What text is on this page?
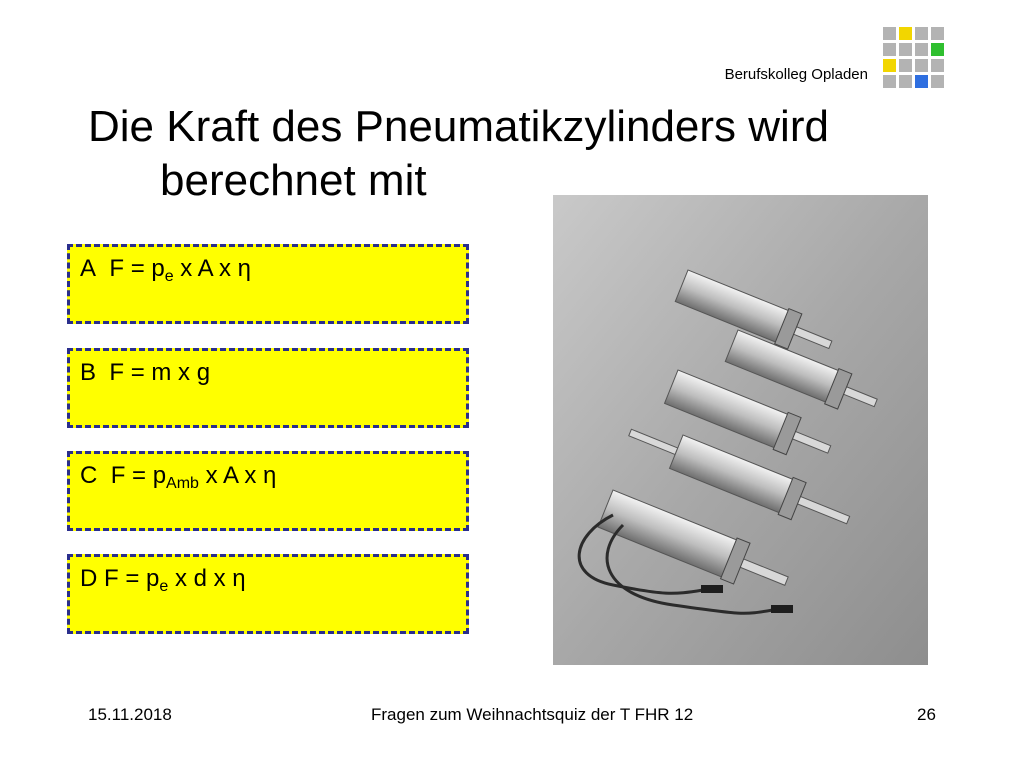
Berufskolleg Opladen
Die Kraft des Pneumatikzylinders wird
berechnet mit
A $F = p_e$ x A x η
B F = m x g
C $F = p_{Amb}$ x A x η
D $F = p_e$ x d x η
15.11.2018	Fragen zum Weihnachtsquiz der T FHR 12	26
